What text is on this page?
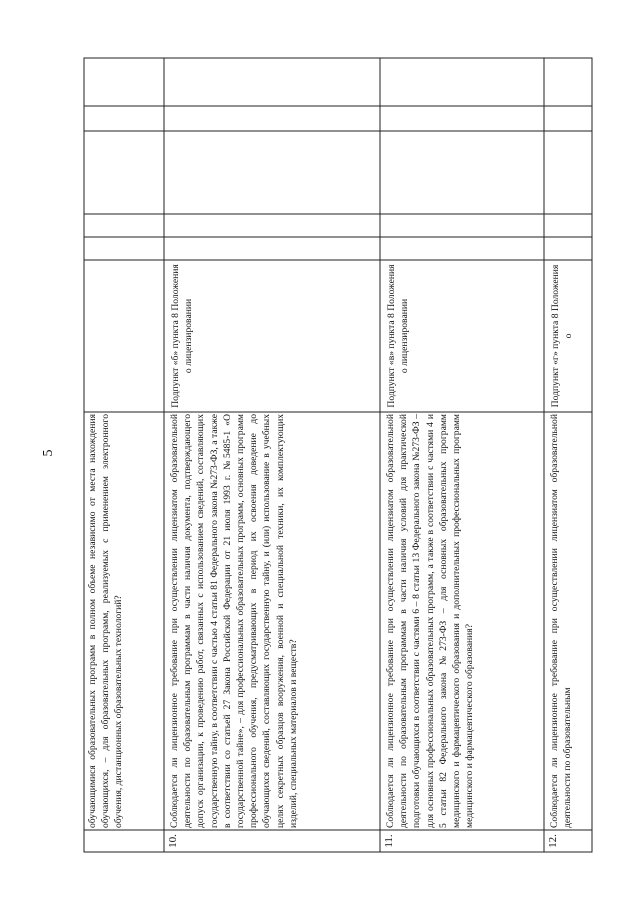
5	обучающимися образовательных программ в полном объеме независимо от места нахождения обучающихся, – для образовательных программ, реализуемых с применением электронного обучения, дистанционных образовательных технологий?
10.
Соблюдается ли лицензионное требование при осуществлении лицензиатом образовательной деятельности по образовательным программам в части наличия документа, подтверждающего допуск организации, к проведению работ, связанных с использованием сведений, составляющих государственную тайну, в соответствии с частью 4 статьи 81 Федерального закона №273-ФЗ, а также в соответствии со статьей 27 Закона Российской Федерации от 21 июля 1993 г. №5485-1 «О государственной тайне», – для профессиональных образовательных программ, основных программ профессионального обучения, предусматривающих в период их освоения доведение до обучающихся сведений, составляющих государственную тайну, и (или) использование в учебных целях секретных образцов вооружения, военной и специальной техники, их комплектующих изделий, специальных материалов и веществ?
Подпункт «б» пункта 8 Положения о лицензировании
11.
Соблюдается ли лицензионное требование при осуществлении лицензиатом образовательной деятельности по образовательным программам в части наличия условий для практической подготовки обучающихся в соответствии с частями 6 – 8 статьи 13 Федерального закона №273-ФЗ – для основных профессиональных образовательных программ, а также в соответствии с частями 4 и 5 статьи 82 Федерального закона №273-ФЗ – для основных образовательных программ медицинского и фармацевтического образования и дополнительных профессиональных программ медицинского и фармацевтического образования?
Подпункт «в» пункта 8 Положения о лицензировании
12.
Соблюдается ли лицензионное требование при осуществлении лицензиатом образовательной деятельности по образовательным
Подпункт «г» пункта 8 Положения о
